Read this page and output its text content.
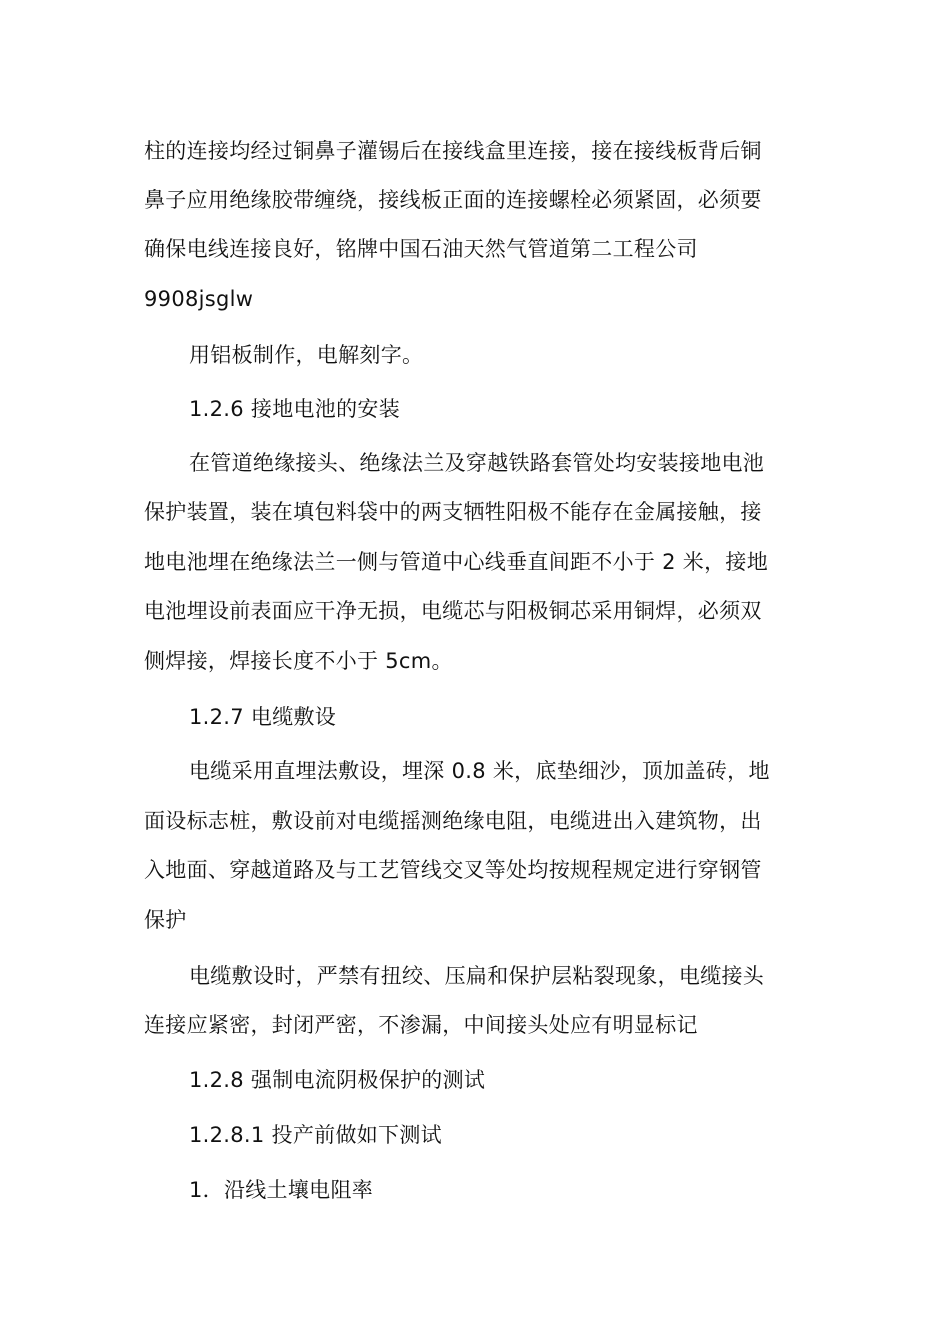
柱的连接均经过铜鼻子灌锡后在接线盒里连接，接在接线板背后铜
鼻子应用绝缘胶带缠绕，接线板正面的连接螺栓必须紧固，必须要
确保电线连接良好，铭牌中国石油天然气管道第二工程公司
9908jsglw
用铝板制作，电解刻字。
1.2.6 接地电池的安装
在管道绝缘接头、绝缘法兰及穿越铁路套管处均安装接地电池
保护装置，装在填包料袋中的两支牺牲阳极不能存在金属接触，接
地电池埋在绝缘法兰一侧与管道中心线垂直间距不小于 2 米，接地
电池埋设前表面应干净无损，电缆芯与阳极铜芯采用铜焊，必须双
侧焊接，焊接长度不小于 5cm。
1.2.7 电缆敷设
电缆采用直埋法敷设，埋深 0.8 米，底垫细沙，顶加盖砖，地
面设标志桩，敷设前对电缆摇测绝缘电阻，电缆进出入建筑物，出
入地面、穿越道路及与工艺管线交叉等处均按规程规定进行穿钢管
保护
电缆敷设时，严禁有扭绞、压扁和保护层粘裂现象，电缆接头
连接应紧密，封闭严密，不渗漏，中间接头处应有明显标记
1.2.8 强制电流阴极保护的测试
1.2.8.1 投产前做如下测试
1．沿线土壤电阻率
